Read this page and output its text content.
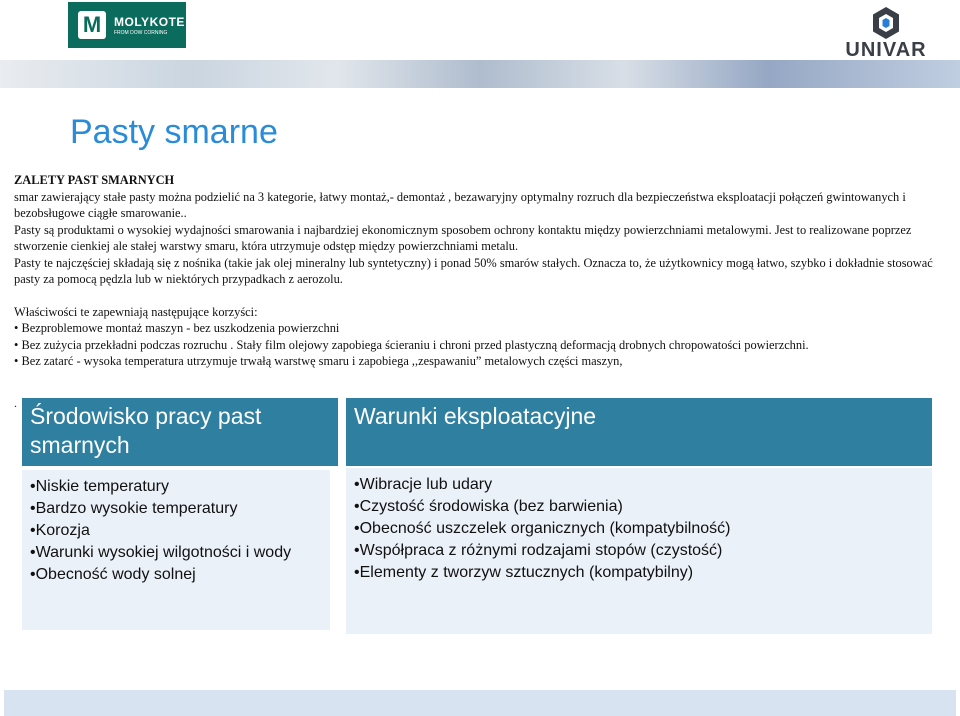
M	MOLYKOTE
FROM DOW CORNING
UNIVAR
Pasty smarne

ZALETY PAST SMARNYCH

smar zawierający stałe pasty można podzielić na 3 kategorie, łatwy montaż,- demontaż , bezawaryjny optymalny rozruch dla bezpieczeństwa eksploatacji połączeń gwintowanych i bezobsługowe ciągłe smarowanie..

Pasty są produktami o wysokiej wydajności smarowania i najbardziej ekonomicznym sposobem ochrony kontaktu między powierzchniami metalowymi. Jest to realizowane poprzez stworzenie cienkiej ale stałej warstwy smaru, która utrzymuje odstęp między powierzchniami metalu.

Pasty te najczęściej składają się z nośnika (takie jak olej mineralny lub syntetyczny) i ponad 50% smarów stałych. Oznacza to, że użytkownicy mogą łatwo, szybko i dokładnie stosować pasty za pomocą pędzla lub w niektórych przypadkach z aerozolu.

Właściwości te zapewniają następujące korzyści:

• Bezproblemowe montaż maszyn - bez uszkodzenia powierzchni
• Bez zużycia przekładni podczas rozruchu . Stały film olejowy zapobiega ścieraniu i chroni przed plastyczną deformacją drobnych chropowatości powierzchni.
• Bez zatarć - wysoka temperatura utrzymuje trwałą warstwę smaru i zapobiega ,,zespawaniu” metalowych części maszyn,
. Środowisko pracy past smarnych
• Niskie temperatury
• Bardzo wysokie temperatury
• Korozja
• Warunki wysokiej wilgotności i wody
• Obecność wody solnej
Warunki eksploatacyjne
• Wibracje lub udary
• Czystość środowiska (bez barwienia)
• Obecność uszczelek organicznych (kompatybilność)
• Współpraca z różnymi rodzajami stopów (czystość)
• Elementy z tworzyw sztucznych (kompatybilny)
